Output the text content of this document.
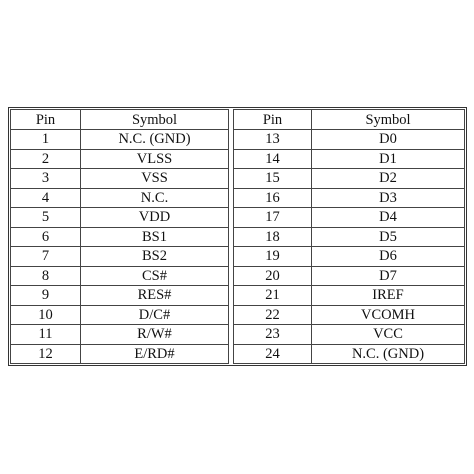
Pin	Symbol		Pin	Symbol
1	N.C. (GND)		13	D0
2	VLSS		14	D1
3	VSS		15	D2
4	N.C.		16	D3
5	VDD		17	D4
6	BS1		18	D5
7	BS2		19	D6
8	CS#		20	D7
9	RES#		21	IREF
10	D/C#		22	VCOMH
11	R/W#		23	VCC
12	E/RD#		24	N.C. (GND)
